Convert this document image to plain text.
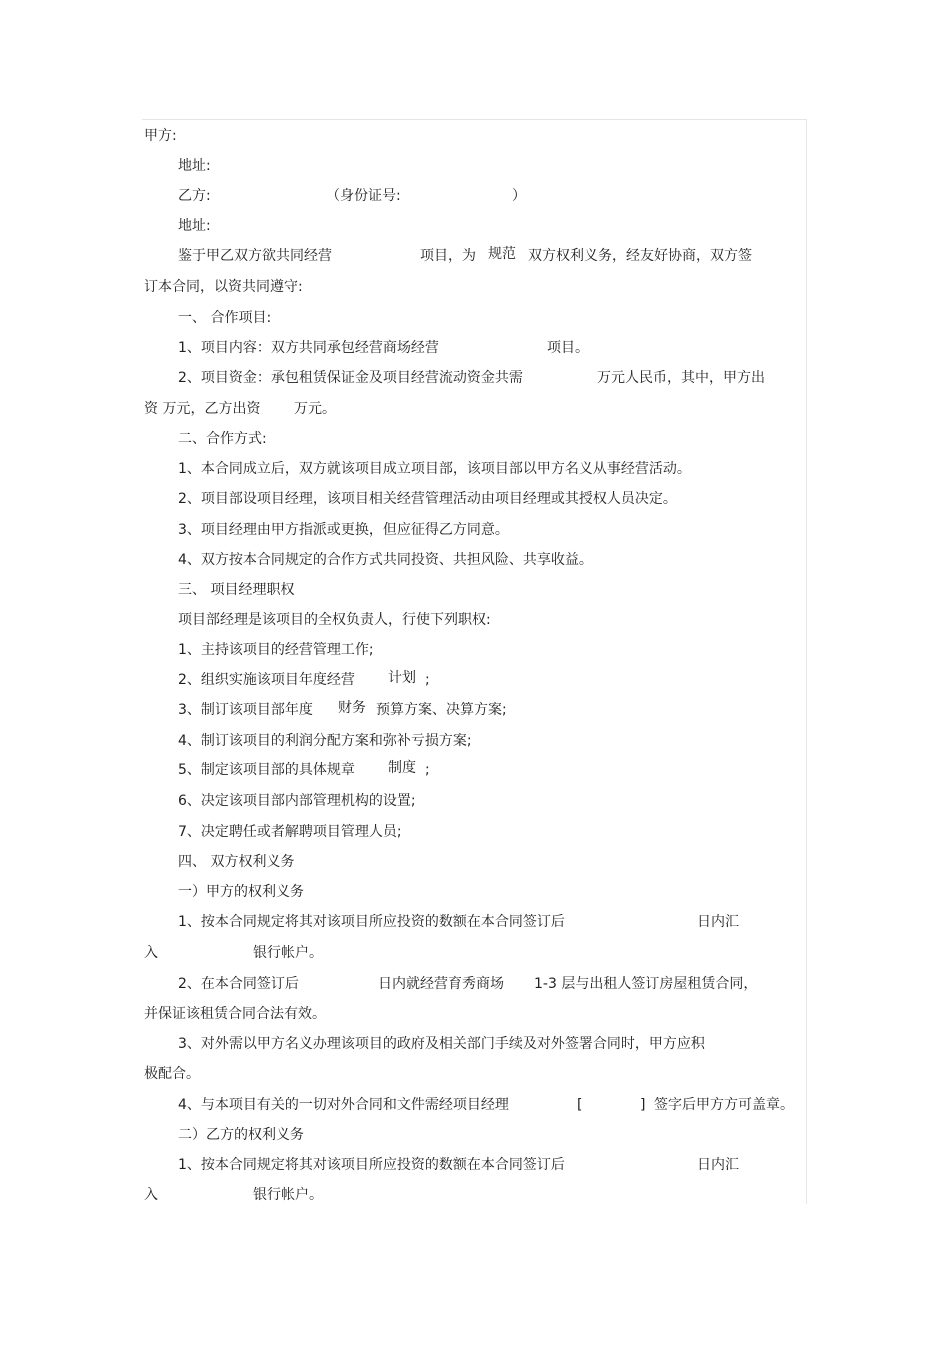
甲方:
地址:
乙方:	（身份证号:	）
地址:
鉴于甲乙双方欲共同经营	项目，为 规范 双方权利义务，经友好协商，双方签
订本合同，以资共同遵守:
一、 合作项目:
1、项目内容：双方共同承包经营商场经营	项目。
2、项目资金：承包租赁保证金及项目经营流动资金共需	万元人民币，其中，甲方出
资 万元，乙方出资 万元。
二、合作方式:
1、本合同成立后，双方就该项目成立项目部，该项目部以甲方名义从事经营活动。
2、项目部设项目经理，该项目相关经营管理活动由项目经理或其授权人员决定。
3、项目经理由甲方指派或更换，但应征得乙方同意。
4、双方按本合同规定的合作方式共同投资、共担风险、共享收益。
三、 项目经理职权
项目部经理是该项目的全权负责人，行使下列职权:
1、主持该项目的经营管理工作;
2、组织实施该项目年度经营 计划 ;
3、制订该项目部年度 财务 预算方案、决算方案;
4、制订该项目的利润分配方案和弥补亏损方案;
5、制定该项目部的具体规章 制度 ;
6、决定该项目部内部管理机构的设置;
7、决定聘任或者解聘项目管理人员;
四、 双方权利义务
一）甲方的权利义务
1、按本合同规定将其对该项目所应投资的数额在本合同签订后	日内汇
入	银行帐户。
2、在本合同签订后	日内就经营育秀商场 1-3 层与出租人签订房屋租赁合同，
并保证该租赁合同合法有效。
3、对外需以甲方名义办理该项目的政府及相关部门手续及对外签署合同时，甲方应积
极配合。
4、与本项目有关的一切对外合同和文件需经项目经理	[	] 签字后甲方方可盖章。
二）乙方的权利义务
1、按本合同规定将其对该项目所应投资的数额在本合同签订后	日内汇
入	银行帐户。
